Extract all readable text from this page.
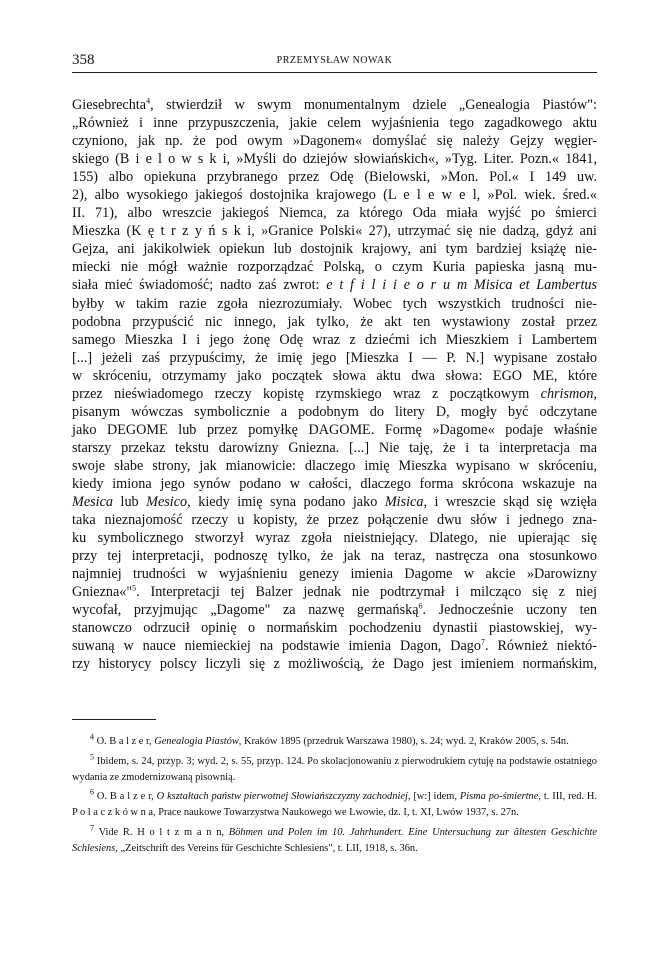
358	PRZEMYSŁAW NOWAK
Giesebrechta$^4$, stwierdził w swym monumentalnym dziele „Genealogia Piastów":
„Również i inne przypuszczenia, jakie celem wyjaśnienia tego zagadkowego aktu
czyniono, jak np. że pod owym »Dagonem« domyślać się należy Gejzy węgier-
skiego (B i e l o w s k i, »Myśli do dziejów słowiańskich«, »Tyg. Liter. Pozn.« 1841,
155) albo opiekuna przybranego przez Odę (Bielowski, »Mon. Pol.« I 149 uw.
2), albo wysokiego jakiegoś dostojnika krajowego (L e l e w e l, »Pol. wiek. śred.«
II. 71), albo wreszcie jakiegoś Niemca, za którego Oda miała wyjść po śmierci
Mieszka (K ę t r z y ń s k i, »Granice Polski« 27), utrzymać się nie dadzą, gdyż ani
Gejza, ani jakikolwiek opiekun lub dostojnik krajowy, ani tym bardziej książę nie-
miecki nie mógł ważnie rozporządzać Polską, o czym Kuria papieska jasną mu-
siała mieć świadomość; nadto zaś zwrot: e t f i l i i e o r u m Misica et Lambertus
byłby w takim razie zgoła niezrozumiały. Wobec tych wszystkich trudności nie-
podobna przypuścić nic innego, jak tylko, że akt ten wystawiony został przez
samego Mieszka I i jego żonę Odę wraz z dziećmi ich Mieszkiem i Lambertem
[...] jeżeli zaś przypuścimy, że imię jego [Mieszka I — P. N.] wypisane zostało
w skróceniu, otrzymamy jako początek słowa aktu dwa słowa: EGO ME, które
przez nieświadomego rzeczy kopistę rzymskiego wraz z początkowym chrismon,
pisanym wówczas symbolicznie a podobnym do litery D, mogły być odczytane
jako DEGOME lub przez pomyłkę DAGOME. Formę »Dagome« podaje właśnie
starszy przekaz tekstu darowizny Gniezna. [...] Nie taję, że i ta interpretacja ma
swoje słabe strony, jak mianowicie: dlaczego imię Mieszka wypisano w skróceniu,
kiedy imiona jego synów podano w całości, dlaczego forma skrócona wskazuje na
Mesica lub Mesico, kiedy imię syna podano jako Misica, i wreszcie skąd się wzięła
taka nieznajomość rzeczy u kopisty, że przez połączenie dwu słów i jednego zna-
ku symbolicznego stworzył wyraz zgoła nieistniejący. Dlatego, nie upierając się
przy tej interpretacji, podnoszę tylko, że jak na teraz, nastręcza ona stosunkowo
najmniej trudności w wyjaśnieniu genezy imienia Dagome w akcie »Darowizny
Gniezna«"$^5$. Interpretacji tej Balzer jednak nie podtrzymał i milcząco się z niej
wycofał, przyjmując „Dagome" za nazwę germańską$^6$. Jednocześnie uczony ten
stanowczo odrzucił opinię o normańskim pochodzeniu dynastii piastowskiej, wy-
suwaną w nauce niemieckiej na podstawie imienia Dagon, Dago$^7$. Również niektó-
rzy historycy polscy liczyli się z możliwością, że Dago jest imieniem normańskim,

$^4$ O. B a l z e r, Genealogia Piastów, Kraków 1895 (przedruk Warszawa 1980), s. 24; wyd. 2, Kraków 2005, s. 54n.

$^5$ Ibidem, s. 24, przyp. 3; wyd. 2, s. 55, przyp. 124. Po skolacjonowaniu z pierwodrukiem cytuję na podstawie ostatniego wydania ze zmodernizowaną pisownią.

$^6$ O. B a l z e r, O kształtach państw pierwotnej Słowiańszczyzny zachodniej, [w:] idem, Pisma po-śmiertne, t. III, red. H. P o l a c z k ó w n a, Prace naukowe Towarzystwa Naukowego we Lwowie, dz. I, t. XI, Lwów 1937, s. 27n.

$^7$ Vide R. H o l t z m a n n, Böhmen und Polen im 10. Jahrhundert. Eine Untersuchung zur ältesten Geschichte Schlesiens, „Zeitschrift des Vereins für Geschichte Schlesiens", t. LII, 1918, s. 36n.
